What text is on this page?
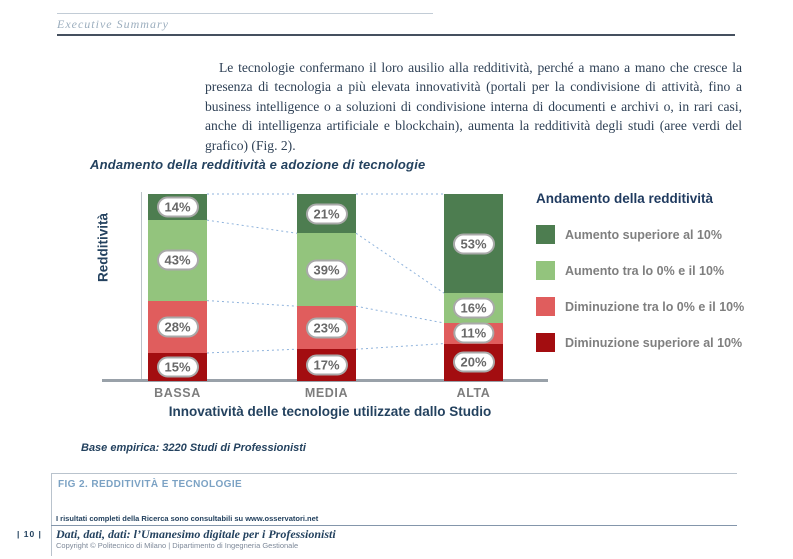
Executive Summary
Le tecnologie confermano il loro ausilio alla redditività, perché a mano a mano che cresce la presenza di tecnologia a più elevata innovatività (portali per la condivisione di attività, fino a business intelligence o a soluzioni di condivisione interna di documenti e archivi o, in rari casi, anche di intelligenza artificiale e blockchain), aumenta la redditività degli studi (aree verdi del grafico) (Fig. 2).
Andamento della redditività e adozione di tecnologie
Redditività
14%
43%
28%
15%
BASSA
21%
39%
23%
17%
MEDIA
53%
16%
11%
20%
ALTA
Innovatività delle tecnologie utilizzate dallo Studio
Andamento della redditività
Aumento superiore al 10%
Aumento tra lo 0% e il 10%
Diminuzione tra lo 0% e il 10%
Diminuzione superiore al 10%
Base empirica: 3220 Studi di Professionisti
FIG 2. REDDITIVITÀ E TECNOLOGIE
I risultati completi della Ricerca sono consultabili su www.osservatori.net
| 10 | Dati, dati, dati: l’Umanesimo digitale per i Professionisti
Copyright © Politecnico di Milano | Dipartimento di Ingegneria Gestionale
